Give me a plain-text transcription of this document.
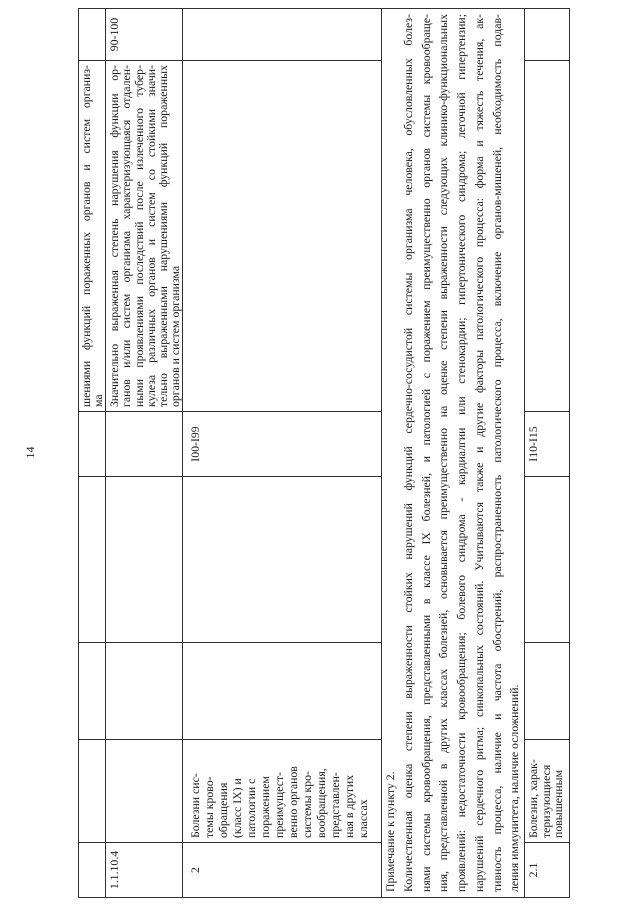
14
шениями функций пораженных органов и систем организ-
ма
1.1.10.4
Значительно выраженная степень нарушения функции ор-
ганов и/или систем организма характеризующаяся отдален-
ными проявлениями последствий после излеченного тубер-
кулеза различных органов и систем со стойкими значи-
тельно выраженными нарушениями функций пораженных
органов и систем организма
90-100
2
Болезни сис- темы крово- обращения (класс IX) и патологии с поражением преимущест- венно органов системы кро- вообращения, представлен- ная в других классах
I00-I99
Примечание к пункту 2. Количественная оценка степени выраженности стойких нарушений функций сердечно-сосудистой системы организма человека, обусловленных болез- нями системы кровообращения, представленными в классе IX болезней, и патологией с поражением преимущественно органов системы кровообраще- ния, представленной в других классах болезней, основывается преимущественно на оценке степени выраженности следующих клинико-функциональных проявлений: недостаточности кровообращения; болевого синдрома - кардиалгии или стенокардии; гипертонического синдрома; легочной гипертензии; нарушений сердечного ритма; синкопальных состояний. Учитываются также и другие факторы патологического процесса: форма и тяжесть течения, ак- тивность процесса, наличие и частота обострений, распространенность патологического процесса, включение органов-мишеней, необходимость подав- ления иммунитета, наличие осложнений. 2.1
Болезни, харак-
теризующиеся
повышенным
I10-I15
